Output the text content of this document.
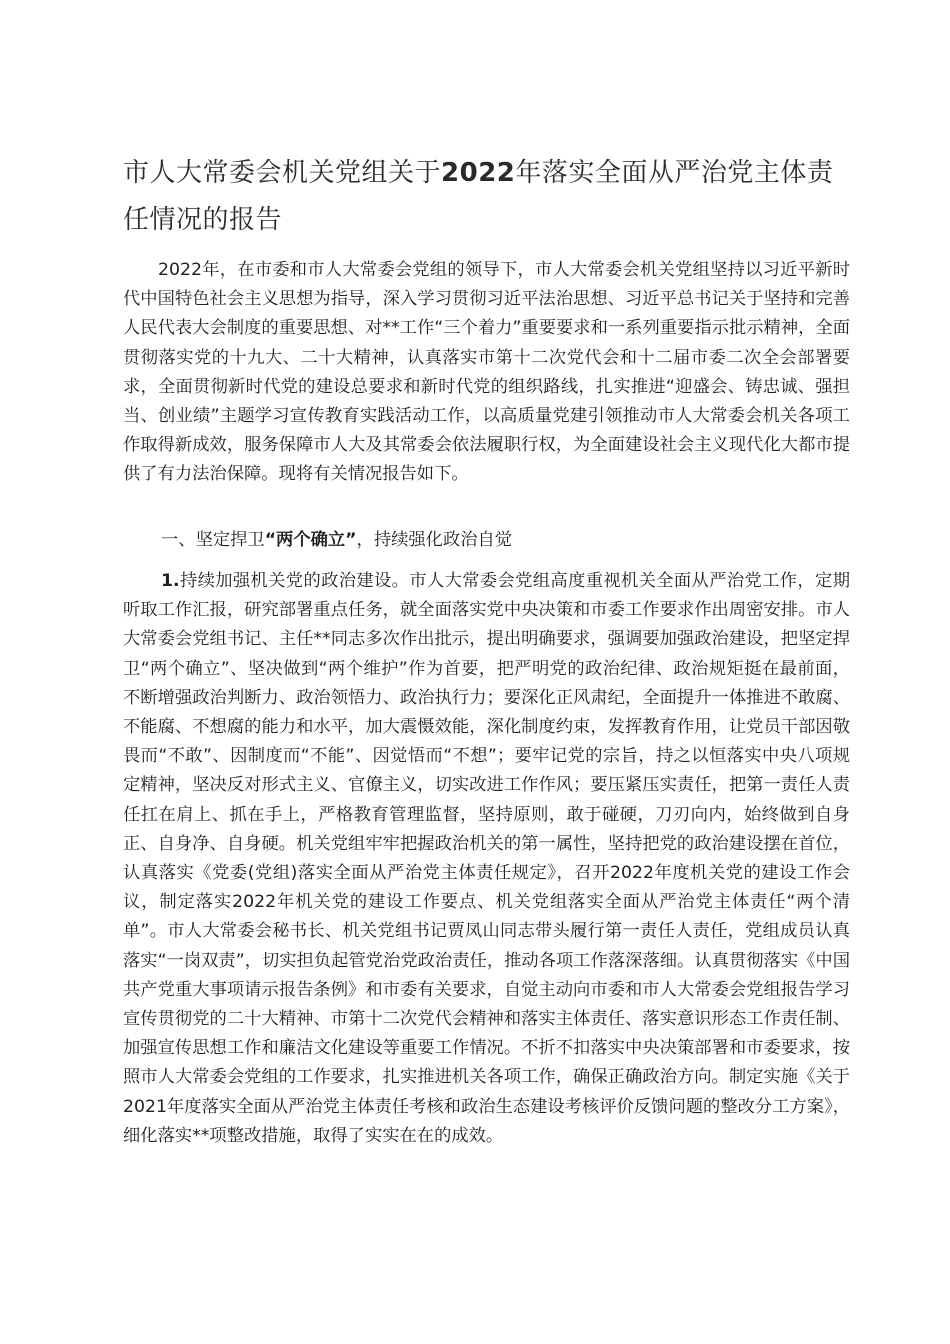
市人大常委会机关党组关于2022年落实全面从严治党主体责任情况的报告
2022年，在市委和市人大常委会党组的领导下，市人大常委会机关党组坚持以习近平新时代中国特色社会主义思想为指导，深入学习贯彻习近平法治思想、习近平总书记关于坚持和完善人民代表大会制度的重要思想、对**工作“三个着力”重要要求和一系列重要指示批示精神，全面贯彻落实党的十九大、二十大精神，认真落实市第十二次党代会和十二届市委二次全会部署要求，全面贯彻新时代党的建设总要求和新时代党的组织路线，扎实推进“迎盛会、铸忠诚、强担当、创业绩”主题学习宣传教育实践活动工作，以高质量党建引领推动市人大常委会机关各项工作取得新成效，服务保障市人大及其常委会依法履职行权，为全面建设社会主义现代化大都市提供了有力法治保障。现将有关情况报告如下。
一、坚定捍卫“两个确立”，持续强化政治自觉
1.持续加强机关党的政治建设。市人大常委会党组高度重视机关全面从严治党工作，定期听取工作汇报，研究部署重点任务，就全面落实党中央决策和市委工作要求作出周密安排。市人大常委会党组书记、主任**同志多次作出批示，提出明确要求，强调要加强政治建设，把坚定捍卫“两个确立”、坚决做到“两个维护”作为首要，把严明党的政治纪律、政治规矩挺在最前面，不断增强政治判断力、政治领悟力、政治执行力；要深化正风肃纪，全面提升一体推进不敢腐、不能腐、不想腐的能力和水平，加大震慑效能，深化制度约束，发挥教育作用，让党员干部因敬畏而“不敢”、因制度而“不能”、因觉悟而“不想”；要牢记党的宗旨，持之以恒落实中央八项规定精神，坚决反对形式主义、官僚主义，切实改进工作作风；要压紧压实责任，把第一责任人责任扛在肩上、抓在手上，严格教育管理监督，坚持原则，敢于碰硬，刀刃向内，始终做到自身正、自身净、自身硬。机关党组牢牢把握政治机关的第一属性，坚持把党的政治建设摆在首位，认真落实《党委(党组)落实全面从严治党主体责任规定》，召开2022年度机关党的建设工作会议，制定落实2022年机关党的建设工作要点、机关党组落实全面从严治党主体责任“两个清单”。市人大常委会秘书长、机关党组书记贾凤山同志带头履行第一责任人责任，党组成员认真落实“一岗双责”，切实担负起管党治党政治责任，推动各项工作落深落细。认真贯彻落实《中国共产党重大事项请示报告条例》和市委有关要求，自觉主动向市委和市人大常委会党组报告学习宣传贯彻党的二十大精神、市第十二次党代会精神和落实主体责任、落实意识形态工作责任制、加强宣传思想工作和廉洁文化建设等重要工作情况。不折不扣落实中央决策部署和市委要求，按照市人大常委会党组的工作要求，扎实推进机关各项工作，确保正确政治方向。制定实施《关于2021年度落实全面从严治党主体责任考核和政治生态建设考核评价反馈问题的整改分工方案》，细化落实**项整改措施，取得了实实在在的成效。
